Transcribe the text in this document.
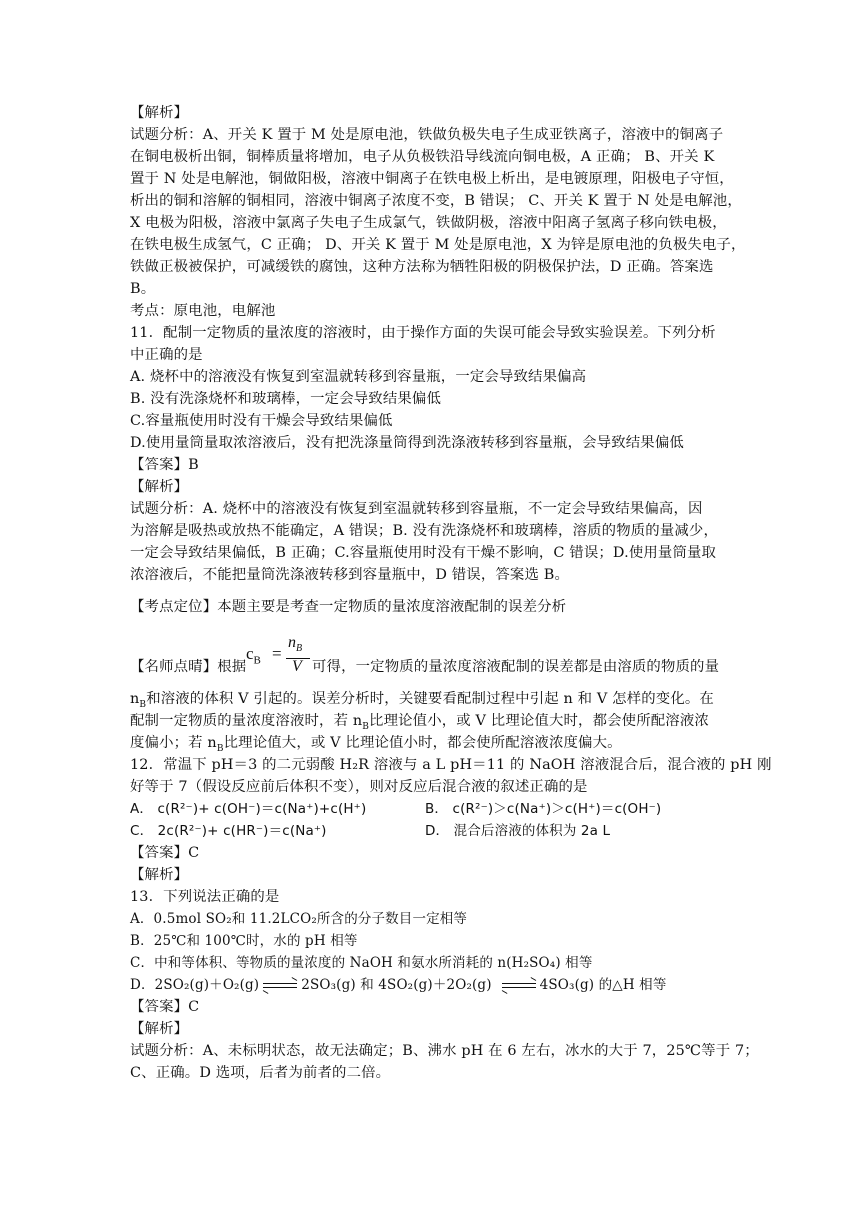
【解析】
试题分析：A、开关 K 置于 M 处是原电池，铁做负极失电子生成亚铁离子，溶液中的铜离子
在铜电极析出铜，铜棒质量将增加，电子从负极铁沿导线流向铜电极，A 正确； B、开关 K
置于 N 处是电解池，铜做阳极，溶液中铜离子在铁电极上析出，是电镀原理，阳极电子守恒，
析出的铜和溶解的铜相同，溶液中铜离子浓度不变，B 错误； C、开关 K 置于 N 处是电解池，
X 电极为阳极，溶液中氯离子失电子生成氯气，铁做阴极，溶液中阳离子氢离子移向铁电极，
在铁电极生成氢气，C 正确； D、开关 K 置于 M 处是原电池，X 为锌是原电池的负极失电子，
铁做正极被保护，可减缓铁的腐蚀，这种方法称为牺牲阳极的阴极保护法，D 正确。答案选
B。
考点：原电池，电解池
11．配制一定物质的量浓度的溶液时，由于操作方面的失误可能会导致实验误差。下列分析
中正确的是
A. 烧杯中的溶液没有恢复到室温就转移到容量瓶，一定会导致结果偏高
B. 没有洗涤烧杯和玻璃棒，一定会导致结果偏低
C.容量瓶使用时没有干燥会导致结果偏低
D.使用量筒量取浓溶液后，没有把洗涤量筒得到洗涤液转移到容量瓶，会导致结果偏低
【答案】B
【解析】
试题分析：A. 烧杯中的溶液没有恢复到室温就转移到容量瓶，不一定会导致结果偏高，因
为溶解是吸热或放热不能确定，A 错误；B. 没有洗涤烧杯和玻璃棒，溶质的物质的量减少，
一定会导致结果偏低，B 正确；C.容量瓶使用时没有干燥不影响，C 错误；D.使用量筒量取
浓溶液后，不能把量筒洗涤液转移到容量瓶中，D 错误，答案选 B。
【考点定位】本题主要是考查一定物质的量浓度溶液配制的误差分析
【名师点晴】根据
$c_B$ =
$n_B$
V 可得，一定物质的量浓度溶液配制的误差都是由溶质的物质的量
$n_B$和溶液的体积 V 引起的。误差分析时，关键要看配制过程中引起 n 和 V 怎样的变化。在
配制一定物质的量浓度溶液时，若 $n_B$比理论值小，或 V 比理论值大时，都会使所配溶液浓
度偏小；若 $n_B$比理论值大，或 V 比理论值小时，都会使所配溶液浓度偏大。
12．常温下 pH＝3 的二元弱酸 H₂R 溶液与 a L pH＝11 的 NaOH 溶液混合后，混合液的 pH 刚
好等于 7（假设反应前后体积不变），则对反应后混合液的叙述正确的是
A． c(R²⁻)+ c(OH⁻)＝c(Na⁺)+c(H⁺)	B． c(R²⁻)＞c(Na⁺)＞c(H⁺)＝c(OH⁻)
C． 2c(R²⁻)+ c(HR⁻)＝c(Na⁺)	D． 混合后溶液的体积为 2a L
【答案】C
【解析】
13．下列说法正确的是
A．0.5mol SO₂和 11.2LCO₂所含的分子数目一定相等
B．25℃和 100℃时，水的 pH 相等
C．中和等体积、等物质的量浓度的 NaOH 和氨水所消耗的 n(H₂SO₄) 相等
D．2SO₂(g)＋O₂(g)	2SO₃(g) 和 4SO₂(g)＋2O₂(g)	4SO₃(g) 的△H 相等
【答案】C
【解析】
试题分析：A、未标明状态，故无法确定；B、沸水 pH 在 6 左右，冰水的大于 7，25℃等于 7；
C、正确。D 选项，后者为前者的二倍。
